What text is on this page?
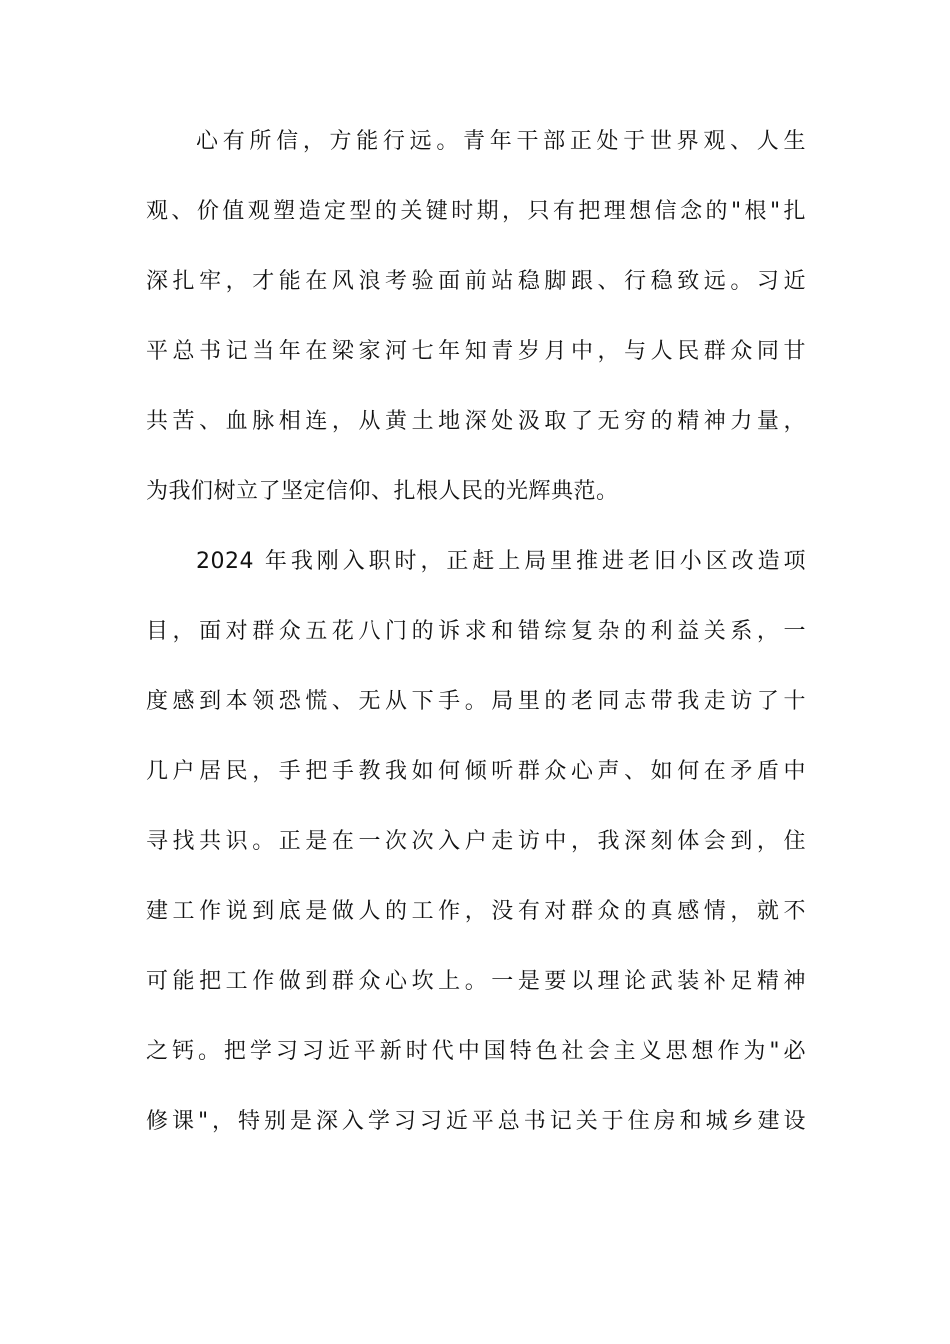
心有所信，方能行远。青年干部正处于世界观、人生
观、价值观塑造定型的关键时期，只有把理想信念的"根"扎
深扎牢，才能在风浪考验面前站稳脚跟、行稳致远。习近
平总书记当年在梁家河七年知青岁月中，与人民群众同甘
共苦、血脉相连，从黄土地深处汲取了无穷的精神力量，
为我们树立了坚定信仰、扎根人民的光辉典范。
2024 年我刚入职时，正赶上局里推进老旧小区改造项
目，面对群众五花八门的诉求和错综复杂的利益关系，一
度感到本领恐慌、无从下手。局里的老同志带我走访了十
几户居民，手把手教我如何倾听群众心声、如何在矛盾中
寻找共识。正是在一次次入户走访中，我深刻体会到，住
建工作说到底是做人的工作，没有对群众的真感情，就不
可能把工作做到群众心坎上。一是要以理论武装补足精神
之钙。把学习习近平新时代中国特色社会主义思想作为"必
修课"，特别是深入学习习近平总书记关于住房和城乡建设
